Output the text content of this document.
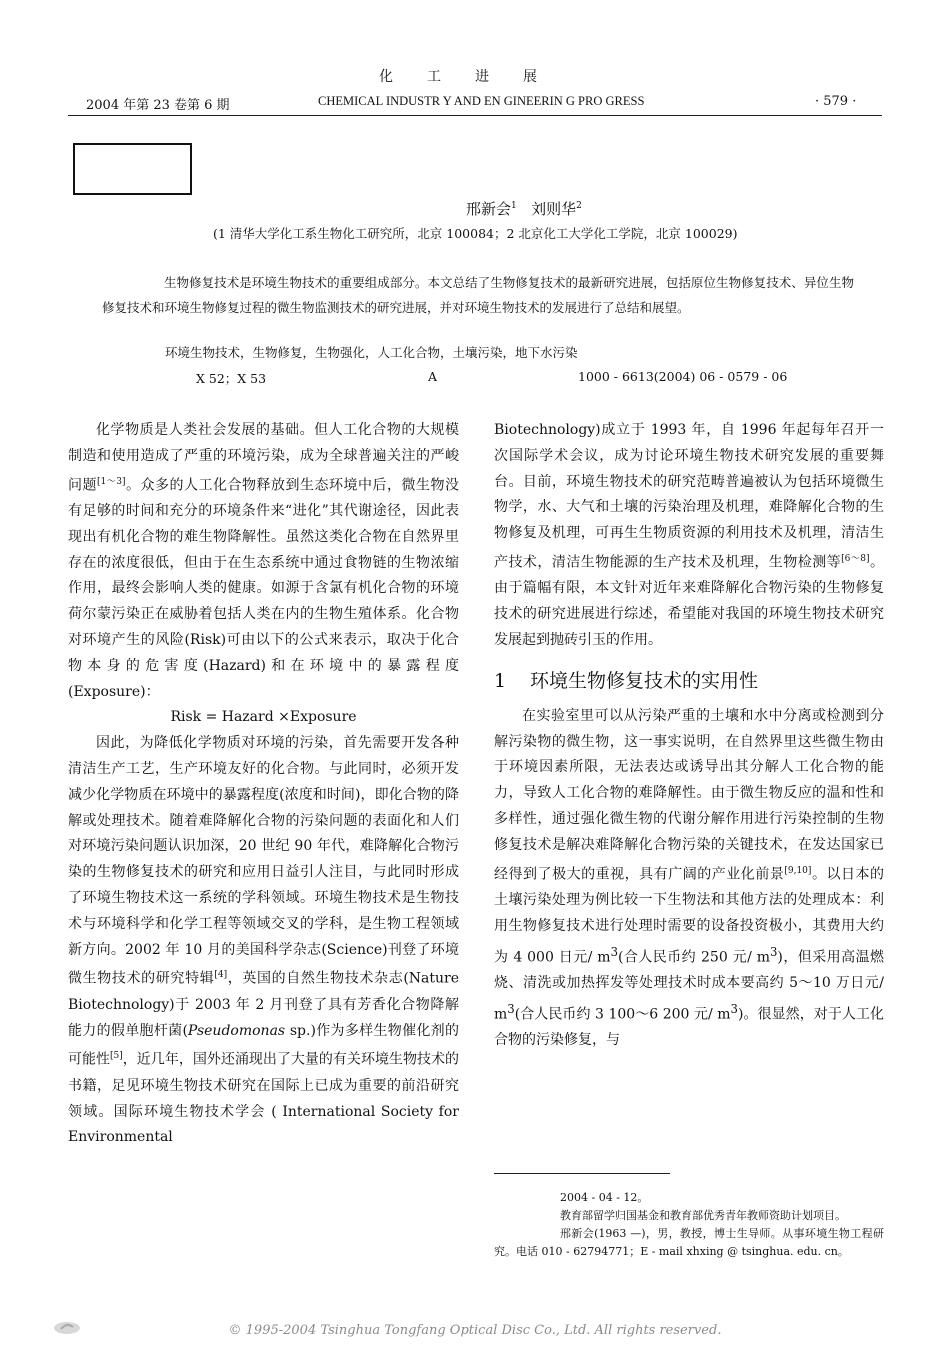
化工进展
2004 年第 23 卷第 6 期	CHEMICAL INDUSTR Y AND EN GINEERIN G PRO GRESS	· 579 ·
邢新会$^1$ 刘则华$^2$
(1 清华大学化工系生物化工研究所，北京 100084；2 北京化工大学化工学院，北京 100029)
生物修复技术是环境生物技术的重要组成部分。本文总结了生物修复技术的最新研究进展，包括原位生物修复技术、异位生物修复技术和环境生物修复过程的微生物监测技术的研究进展，并对环境生物技术的发展进行了总结和展望。
环境生物技术，生物修复，生物强化，人工化合物，土壤污染，地下水污染
X 52；X 53	A	1000 - 6613(2004) 06 - 0579 - 06

化学物质是人类社会发展的基础。但人工化合物的大规模制造和使用造成了严重的环境污染，成为全球普遍关注的严峻问题[1～3]。众多的人工化合物释放到生态环境中后，微生物没有足够的时间和充分的环境条件来“进化”其代谢途径，因此表现出有机化合物的难生物降解性。虽然这类化合物在自然界里存在的浓度很低，但由于在生态系统中通过食物链的生物浓缩作用，最终会影响人类的健康。如源于含氯有机化合物的环境荷尔蒙污染正在威胁着包括人类在内的生物生殖体系。化合物对环境产生的风险(Risk)可由以下的公式来表示，取决于化合物本身的危害度(Hazard)和在环境中的暴露程度(Exposure)：

Risk = Hazard ×Exposure

因此，为降低化学物质对环境的污染，首先需要开发各种清洁生产工艺，生产环境友好的化合物。与此同时，必须开发减少化学物质在环境中的暴露程度(浓度和时间)，即化合物的降解或处理技术。随着难降解化合物的污染问题的表面化和人们对环境污染问题认识加深，20 世纪 90 年代，难降解化合物污染的生物修复技术的研究和应用日益引人注目，与此同时形成了环境生物技术这一系统的学科领域。环境生物技术是生物技术与环境科学和化学工程等领域交叉的学科，是生物工程领域新方向。2002 年 10 月的美国科学杂志(Science)刊登了环境微生物技术的研究特辑[4]，英国的自然生物技术杂志(Nature Biotechnology)于 2003 年 2 月刊登了具有芳香化合物降解能力的假单胞杆菌(Pseudomonas sp.)作为多样生物催化剂的可能性[5]，近几年，国外还涌现出了大量的有关环境生物技术的书籍，足见环境生物技术研究在国际上已成为重要的前沿研究领域。国际环境生物技术学会 ( International Society for Environmental

Biotechnology)成立于 1993 年，自 1996 年起每年召开一次国际学术会议，成为讨论环境生物技术研究发展的重要舞台。目前，环境生物技术的研究范畴普遍被认为包括环境微生物学，水、大气和土壤的污染治理及机理，难降解化合物的生物修复及机理，可再生生物质资源的利用技术及机理，清洁生产技术，清洁生物能源的生产技术及机理，生物检测等[6～8]。由于篇幅有限，本文针对近年来难降解化合物污染的生物修复技术的研究进展进行综述，希望能对我国的环境生物技术研究发展起到抛砖引玉的作用。

1 环境生物修复技术的实用性

在实验室里可以从污染严重的土壤和水中分离或检测到分解污染物的微生物，这一事实说明，在自然界里这些微生物由于环境因素所限，无法表达或诱导出其分解人工化合物的能力，导致人工化合物的难降解性。由于微生物反应的温和性和多样性，通过强化微生物的代谢分解作用进行污染控制的生物修复技术是解决难降解化合物污染的关键技术，在发达国家已经得到了极大的重视，具有广阔的产业化前景[9,10]。以日本的土壤污染处理为例比较一下生物法和其他方法的处理成本：利用生物修复技术进行处理时需要的设备投资极小，其费用大约为 4 000 日元/ $m^3$(合人民币约 250 元/ $m^3$)，但采用高温燃烧、清洗或加热挥发等处理技术时成本要高约 5～10 万日元/ $m^3$(合人民币约 3 100～6 200 元/ $m^3$)。很显然，对于人工化合物的污染修复，与

2004 - 04 - 12。

教育部留学归国基金和教育部优秀青年教师资助计划项目。

邢新会(1963 —)，男，教授，博士生导师。从事环境生物工程研究。电话 010 - 62794771；E - mail xhxing @ tsinghua. edu. cn。

© 1995-2004 Tsinghua Tongfang Optical Disc Co., Ltd. All rights reserved.
